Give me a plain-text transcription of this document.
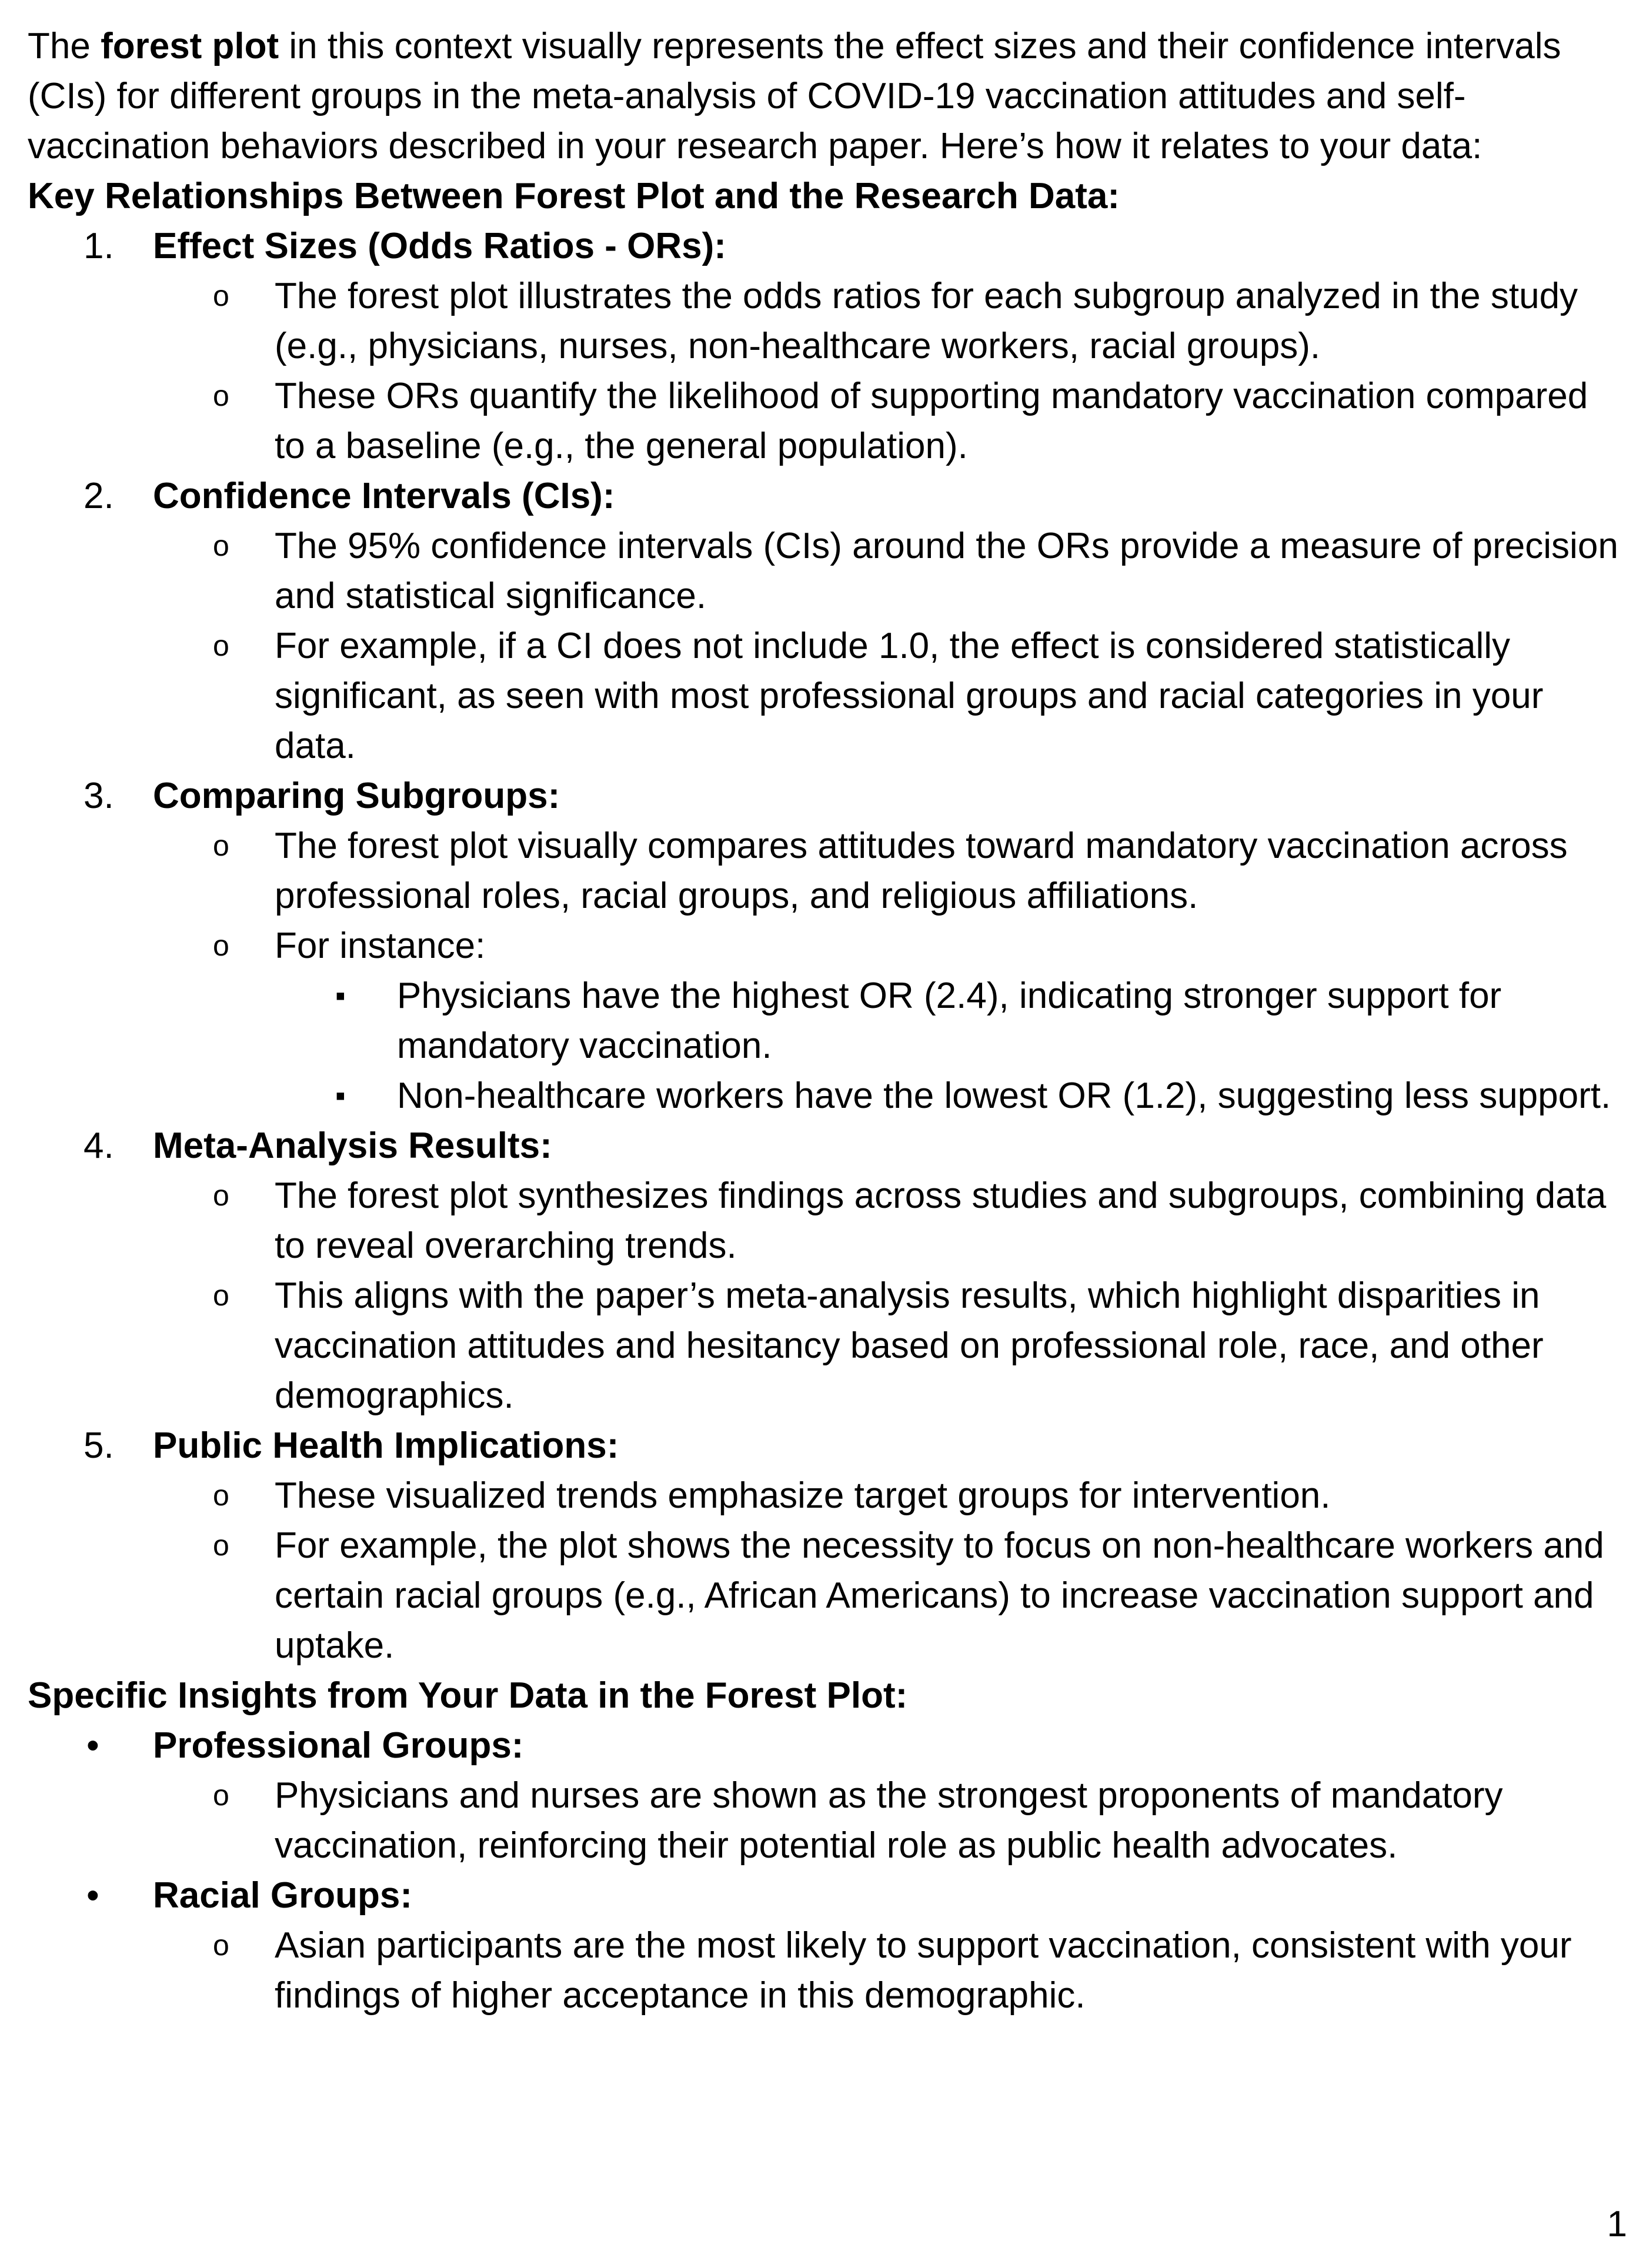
The forest plot in this context visually represents the effect sizes and their confidence intervals (CIs) for different groups in the meta-analysis of COVID-19 vaccination attitudes and self-vaccination behaviors described in your research paper. Here’s how it relates to your data:

Key Relationships Between Forest Plot and the Research Data:

1. Effect Sizes (Odds Ratios - ORs):
o The forest plot illustrates the odds ratios for each subgroup analyzed in the study (e.g., physicians, nurses, non-healthcare workers, racial groups).
o These ORs quantify the likelihood of supporting mandatory vaccination compared to a baseline (e.g., the general population).
2. Confidence Intervals (CIs):
o The 95% confidence intervals (CIs) around the ORs provide a measure of precision and statistical significance.
o For example, if a CI does not include 1.0, the effect is considered statistically significant, as seen with most professional groups and racial categories in your data.
3. Comparing Subgroups:
o The forest plot visually compares attitudes toward mandatory vaccination across professional roles, racial groups, and religious affiliations.
o For instance:
▪ Physicians have the highest OR (2.4), indicating stronger support for mandatory vaccination.
▪ Non-healthcare workers have the lowest OR (1.2), suggesting less support.
4. Meta-Analysis Results:
o The forest plot synthesizes findings across studies and subgroups, combining data to reveal overarching trends.
o This aligns with the paper’s meta-analysis results, which highlight disparities in vaccination attitudes and hesitancy based on professional role, race, and other demographics.
5. Public Health Implications:
o These visualized trends emphasize target groups for intervention.
o For example, the plot shows the necessity to focus on non-healthcare workers and certain racial groups (e.g., African Americans) to increase vaccination support and uptake.

Specific Insights from Your Data in the Forest Plot:

• Professional Groups:
o Physicians and nurses are shown as the strongest proponents of mandatory vaccination, reinforcing their potential role as public health advocates.
• Racial Groups:
o Asian participants are the most likely to support vaccination, consistent with your findings of higher acceptance in this demographic.
1
